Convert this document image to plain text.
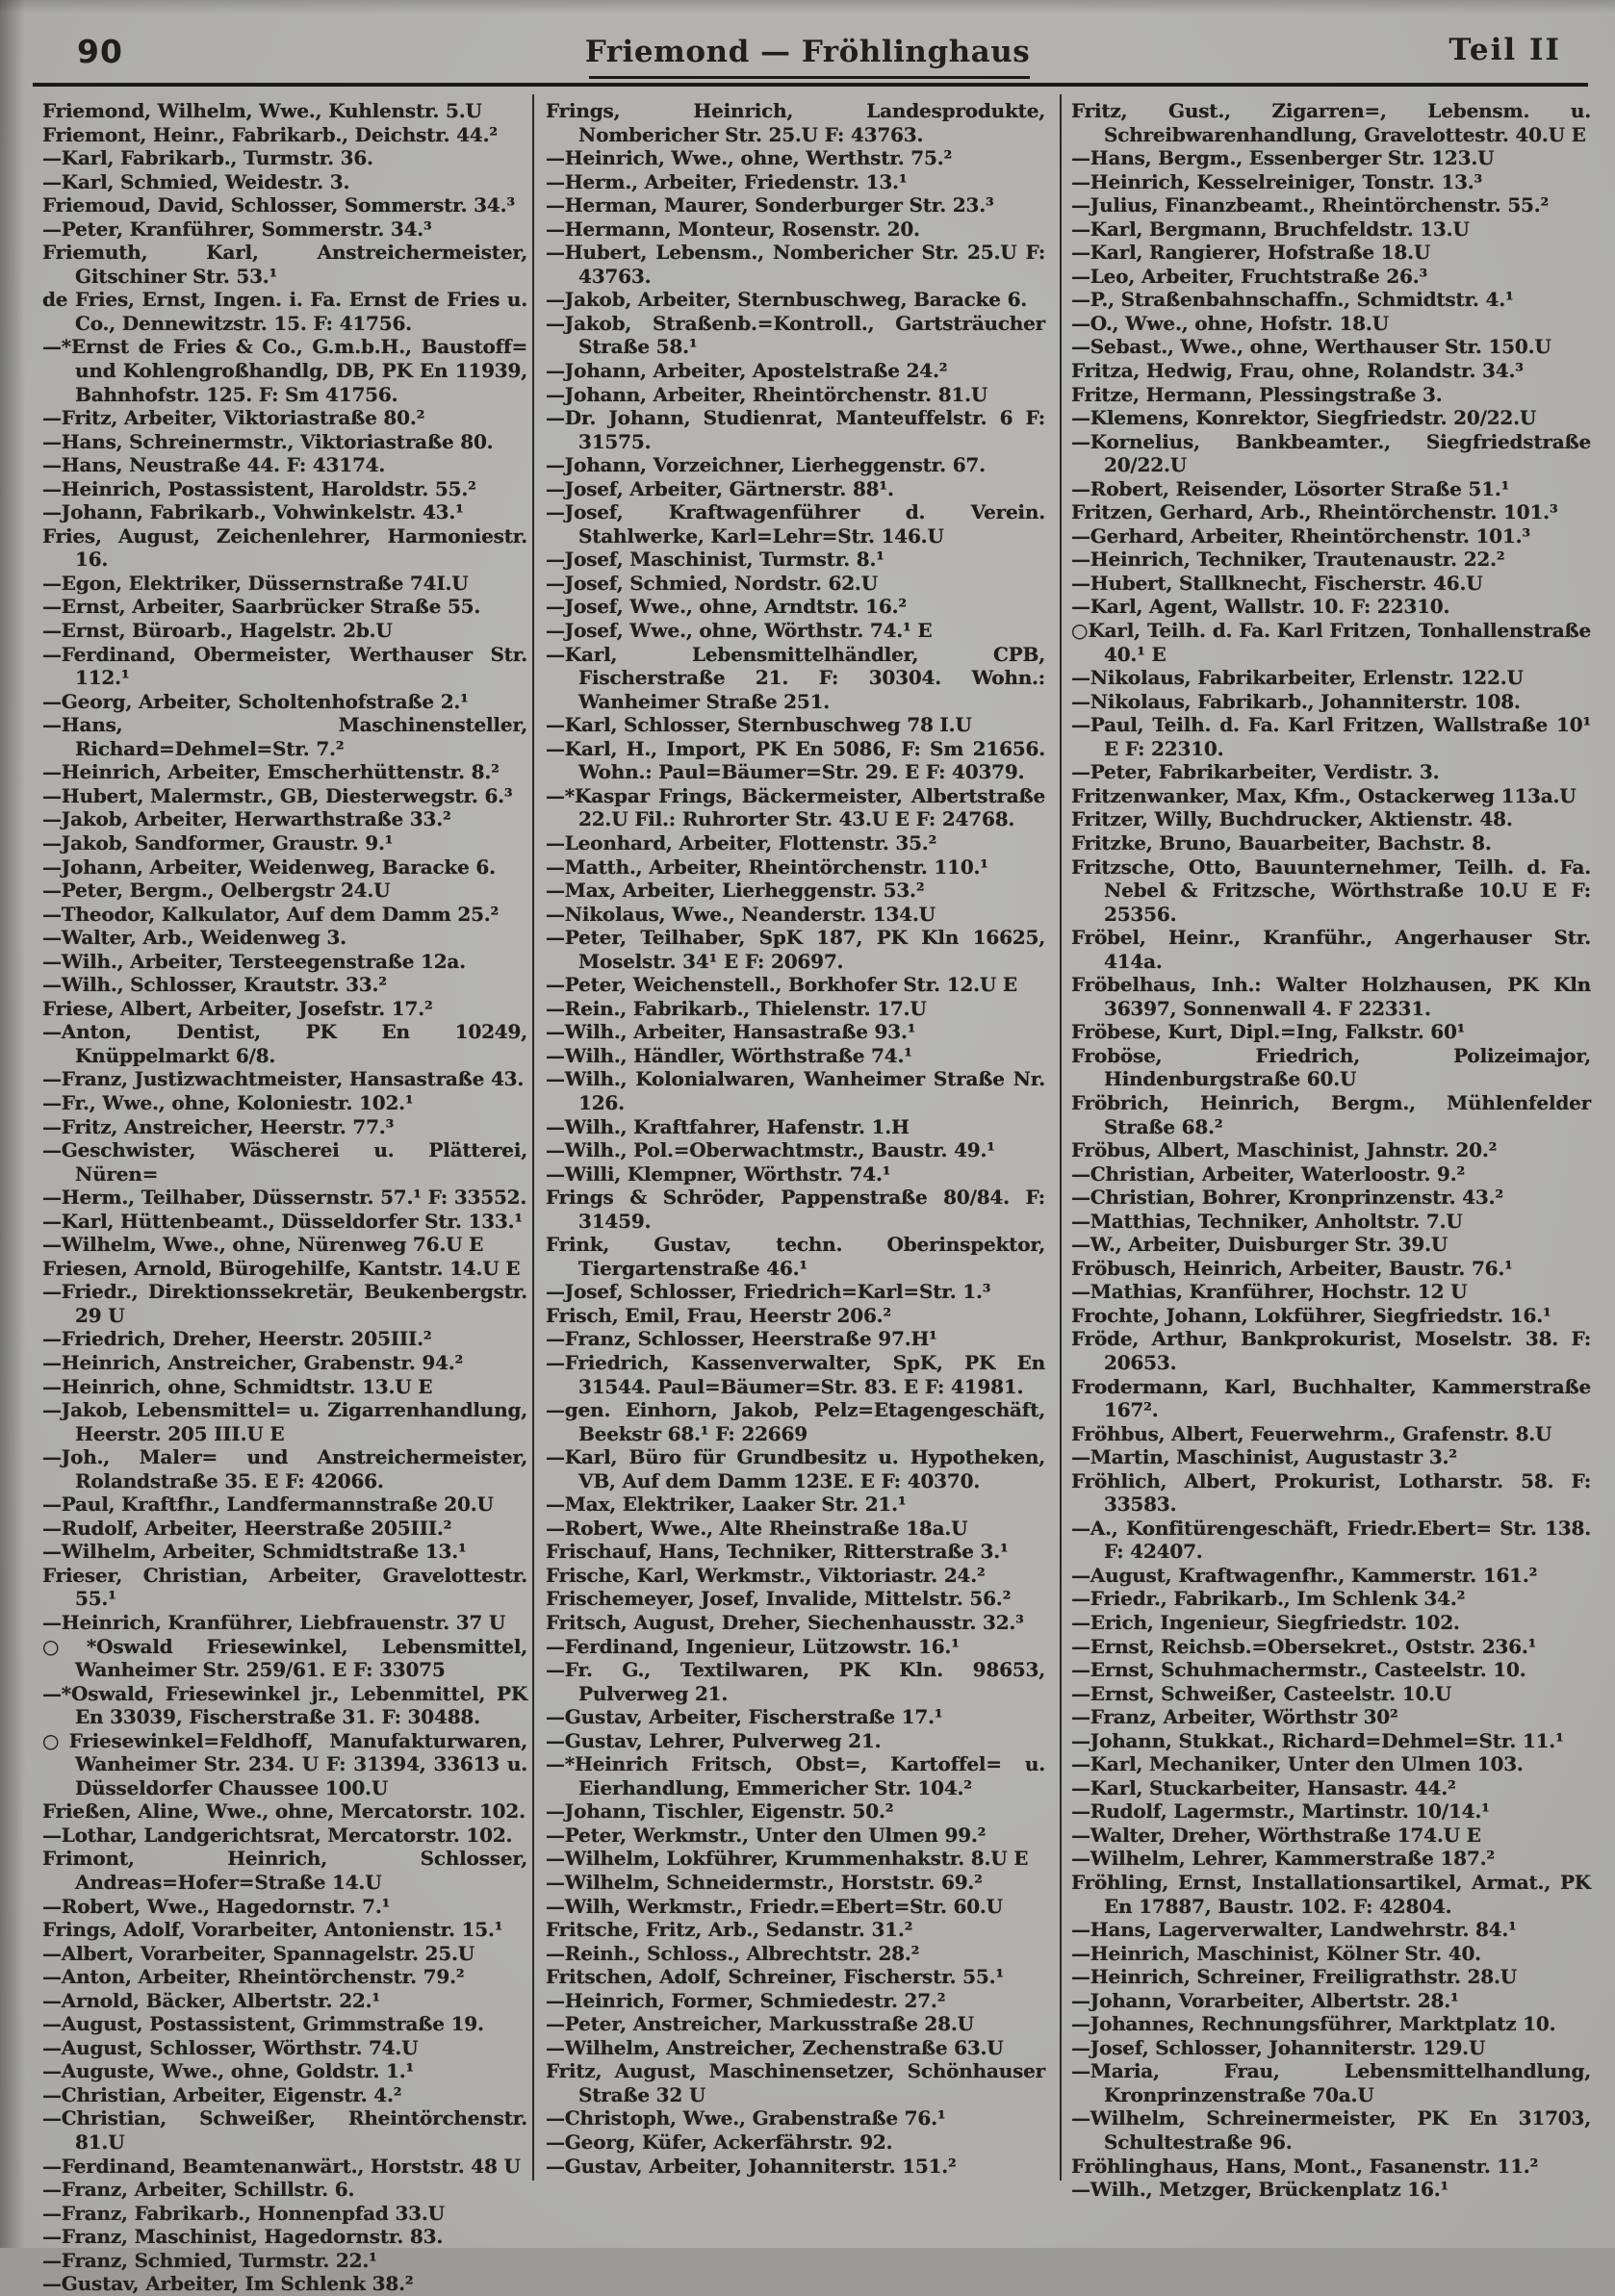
90	Friemond — Fröhlinghaus	Teil II
Friemond, Wilhelm, Wwe., Kuhlenstr. 5.U
Friemont, Heinr., Fabrikarb., Deichstr. 44.²
—Karl, Fabrikarb., Turmstr. 36.
—Karl, Schmied, Weidestr. 3.
Friemoud, David, Schlosser, Sommerstr. 34.³
—Peter, Kranführer, Sommerstr. 34.³
Friemuth, Karl, Anstreichermeister, Gitschiner Str. 53.¹
de Fries, Ernst, Ingen. i. Fa. Ernst de Fries u. Co., Dennewitzstr. 15. F: 41756.
—*Ernst de Fries & Co., G.m.b.H., Baustoff= und Kohlengroßhandlg, DB, PK En 11939, Bahnhofstr. 125. F: Sm 41756.
—Fritz, Arbeiter, Viktoriastraße 80.²
—Hans, Schreinermstr., Viktoriastraße 80.
—Hans, Neustraße 44. F: 43174.
—Heinrich, Postassistent, Haroldstr. 55.²
—Johann, Fabrikarb., Vohwinkelstr. 43.¹
Fries, August, Zeichenlehrer, Harmoniestr. 16.
—Egon, Elektriker, Düssernstraße 74I.U
—Ernst, Arbeiter, Saarbrücker Straße 55.
—Ernst, Büroarb., Hagelstr. 2b.U
—Ferdinand, Obermeister, Werthauser Str. 112.¹
—Georg, Arbeiter, Scholtenhofstraße 2.¹
—Hans, Maschinensteller, Richard=Dehmel=Str. 7.²
—Heinrich, Arbeiter, Emscherhüttenstr. 8.²
—Hubert, Malermstr., GB, Diesterwegstr. 6.³
—Jakob, Arbeiter, Herwarthstraße 33.²
—Jakob, Sandformer, Graustr. 9.¹
—Johann, Arbeiter, Weidenweg, Baracke 6.
—Peter, Bergm., Oelbergstr 24.U
—Theodor, Kalkulator, Auf dem Damm 25.²
—Walter, Arb., Weidenweg 3.
—Wilh., Arbeiter, Tersteegenstraße 12a.
—Wilh., Schlosser, Krautstr. 33.²
Friese, Albert, Arbeiter, Josefstr. 17.²
—Anton, Dentist, PK En 10249, Knüppelmarkt 6/8.
—Franz, Justizwachtmeister, Hansastraße 43.
—Fr., Wwe., ohne, Koloniestr. 102.¹
—Fritz, Anstreicher, Heerstr. 77.³
—Geschwister, Wäscherei u. Plätterei, Nüren=
—Herm., Teilhaber, Düssernstr. 57.¹ F: 33552.
—Karl, Hüttenbeamt., Düsseldorfer Str. 133.¹
—Wilhelm, Wwe., ohne, Nürenweg 76.U E
Friesen, Arnold, Bürogehilfe, Kantstr. 14.U E
—Friedr., Direktionssekretär, Beukenbergstr. 29 U
—Friedrich, Dreher, Heerstr. 205III.²
—Heinrich, Anstreicher, Grabenstr. 94.²
—Heinrich, ohne, Schmidtstr. 13.U E
—Jakob, Lebensmittel= u. Zigarrenhandlung, Heerstr. 205 III.U E
—Joh., Maler= und Anstreichermeister, Rolandstraße 35. E F: 42066.
—Paul, Kraftfhr., Landfermannstraße 20.U
—Rudolf, Arbeiter, Heerstraße 205III.²
—Wilhelm, Arbeiter, Schmidtstraße 13.¹
Frieser, Christian, Arbeiter, Gravelottestr. 55.¹
—Heinrich, Kranführer, Liebfrauenstr. 37 U
○*Oswald Friesewinkel, Lebensmittel, Wanheimer Str. 259/61. E F: 33075
—*Oswald, Friesewinkel jr., Lebenmittel, PK En 33039, Fischerstraße 31. F: 30488.
○Friesewinkel=Feldhoff, Manufakturwaren, Wanheimer Str. 234. U F: 31394, 33613 u. Düsseldorfer Chaussee 100.U
Frießen, Aline, Wwe., ohne, Mercatorstr. 102.
—Lothar, Landgerichtsrat, Mercatorstr. 102.
Frimont, Heinrich, Schlosser, Andreas=Hofer=Straße 14.U
—Robert, Wwe., Hagedornstr. 7.¹
Frings, Adolf, Vorarbeiter, Antonienstr. 15.¹
—Albert, Vorarbeiter, Spannagelstr. 25.U
—Anton, Arbeiter, Rheintörchenstr. 79.²
—Arnold, Bäcker, Albertstr. 22.¹
—August, Postassistent, Grimmstraße 19.
—August, Schlosser, Wörthstr. 74.U
—Auguste, Wwe., ohne, Goldstr. 1.¹
—Christian, Arbeiter, Eigenstr. 4.²
—Christian, Schweißer, Rheintörchenstr. 81.U
—Ferdinand, Beamtenanwärt., Horststr. 48 U
—Franz, Arbeiter, Schillstr. 6.
—Franz, Fabrikarb., Honnenpfad 33.U
—Franz, Maschinist, Hagedornstr. 83.
—Franz, Schmied, Turmstr. 22.¹
—Gustav, Arbeiter, Im Schlenk 38.²
Frings, Heinrich, Landesprodukte, Nombericher Str. 25.U F: 43763.
—Heinrich, Wwe., ohne, Werthstr. 75.²
—Herm., Arbeiter, Friedenstr. 13.¹
—Herman, Maurer, Sonderburger Str. 23.³
—Hermann, Monteur, Rosenstr. 20.
—Hubert, Lebensm., Nombericher Str. 25.U F: 43763.
—Jakob, Arbeiter, Sternbuschweg, Baracke 6.
—Jakob, Straßenb.=Kontroll., Gartsträucher Straße 58.¹
—Johann, Arbeiter, Apostelstraße 24.²
—Johann, Arbeiter, Rheintörchenstr. 81.U
—Dr. Johann, Studienrat, Manteuffelstr. 6 F: 31575.
—Johann, Vorzeichner, Lierheggenstr. 67.
—Josef, Arbeiter, Gärtnerstr. 88¹.
—Josef, Kraftwagenführer d. Verein. Stahlwerke, Karl=Lehr=Str. 146.U
—Josef, Maschinist, Turmstr. 8.¹
—Josef, Schmied, Nordstr. 62.U
—Josef, Wwe., ohne, Arndtstr. 16.²
—Josef, Wwe., ohne, Wörthstr. 74.¹ E
—Karl, Lebensmittelhändler, CPB, Fischerstraße 21. F: 30304. Wohn.: Wanheimer Straße 251.
—Karl, Schlosser, Sternbuschweg 78 I.U
—Karl, H., Import, PK En 5086, F: Sm 21656. Wohn.: Paul=Bäumer=Str. 29. E F: 40379.
—*Kaspar Frings, Bäckermeister, Albertstraße 22.U Fil.: Ruhrorter Str. 43.U E F: 24768.
—Leonhard, Arbeiter, Flottenstr. 35.²
—Matth., Arbeiter, Rheintörchenstr. 110.¹
—Max, Arbeiter, Lierheggenstr. 53.²
—Nikolaus, Wwe., Neanderstr. 134.U
—Peter, Teilhaber, SpK 187, PK Kln 16625, Moselstr. 34¹ E F: 20697.
—Peter, Weichenstell., Borkhofer Str. 12.U E
—Rein., Fabrikarb., Thielenstr. 17.U
—Wilh., Arbeiter, Hansastraße 93.¹
—Wilh., Händler, Wörthstraße 74.¹
—Wilh., Kolonialwaren, Wanheimer Straße Nr. 126.
—Wilh., Kraftfahrer, Hafenstr. 1.H
—Wilh., Pol.=Oberwachtmstr., Baustr. 49.¹
—Willi, Klempner, Wörthstr. 74.¹
Frings & Schröder, Pappenstraße 80/84. F: 31459.
Frink, Gustav, techn. Oberinspektor, Tiergartenstraße 46.¹
—Josef, Schlosser, Friedrich=Karl=Str. 1.³
Frisch, Emil, Frau, Heerstr 206.²
—Franz, Schlosser, Heerstraße 97.H¹
—Friedrich, Kassenverwalter, SpK, PK En 31544. Paul=Bäumer=Str. 83. E F: 41981.
—gen. Einhorn, Jakob, Pelz=Etagengeschäft, Beekstr 68.¹ F: 22669
—Karl, Büro für Grundbesitz u. Hypotheken, VB, Auf dem Damm 123E. E F: 40370.
—Max, Elektriker, Laaker Str. 21.¹
—Robert, Wwe., Alte Rheinstraße 18a.U
Frischauf, Hans, Techniker, Ritterstraße 3.¹
Frische, Karl, Werkmstr., Viktoriastr. 24.²
Frischemeyer, Josef, Invalide, Mittelstr. 56.²
Fritsch, August, Dreher, Siechenhausstr. 32.³
—Ferdinand, Ingenieur, Lützowstr. 16.¹
—Fr. G., Textilwaren, PK Kln. 98653, Pulverweg 21.
—Gustav, Arbeiter, Fischerstraße 17.¹
—Gustav, Lehrer, Pulverweg 21.
—*Heinrich Fritsch, Obst=, Kartoffel= u. Eierhandlung, Emmericher Str. 104.²
—Johann, Tischler, Eigenstr. 50.²
—Peter, Werkmstr., Unter den Ulmen 99.²
—Wilhelm, Lokführer, Krummenhakstr. 8.U E
—Wilhelm, Schneidermstr., Horststr. 69.²
—Wilh, Werkmstr., Friedr.=Ebert=Str. 60.U
Fritsche, Fritz, Arb., Sedanstr. 31.²
—Reinh., Schloss., Albrechtstr. 28.²
Fritschen, Adolf, Schreiner, Fischerstr. 55.¹
—Heinrich, Former, Schmiedestr. 27.²
—Peter, Anstreicher, Markusstraße 28.U
—Wilhelm, Anstreicher, Zechenstraße 63.U
Fritz, August, Maschinensetzer, Schönhauser Straße 32 U
—Christoph, Wwe., Grabenstraße 76.¹
—Georg, Küfer, Ackerfährstr. 92.
—Gustav, Arbeiter, Johanniterstr. 151.²
Fritz, Gust., Zigarren=, Lebensm. u. Schreibwarenhandlung, Gravelottestr. 40.U E
—Hans, Bergm., Essenberger Str. 123.U
—Heinrich, Kesselreiniger, Tonstr. 13.³
—Julius, Finanzbeamt., Rheintörchenstr. 55.²
—Karl, Bergmann, Bruchfeldstr. 13.U
—Karl, Rangierer, Hofstraße 18.U
—Leo, Arbeiter, Fruchtstraße 26.³
—P., Straßenbahnschaffn., Schmidtstr. 4.¹
—O., Wwe., ohne, Hofstr. 18.U
—Sebast., Wwe., ohne, Werthauser Str. 150.U
Fritza, Hedwig, Frau, ohne, Rolandstr. 34.³
Fritze, Hermann, Plessingstraße 3.
—Klemens, Konrektor, Siegfriedstr. 20/22.U
—Kornelius, Bankbeamter., Siegfriedstraße 20/22.U
—Robert, Reisender, Lösorter Straße 51.¹
Fritzen, Gerhard, Arb., Rheintörchenstr. 101.³
—Gerhard, Arbeiter, Rheintörchenstr. 101.³
—Heinrich, Techniker, Trautenaustr. 22.²
—Hubert, Stallknecht, Fischerstr. 46.U
—Karl, Agent, Wallstr. 10. F: 22310.
○Karl, Teilh. d. Fa. Karl Fritzen, Tonhallenstraße 40.¹ E
—Nikolaus, Fabrikarbeiter, Erlenstr. 122.U
—Nikolaus, Fabrikarb., Johanniterstr. 108.
—Paul, Teilh. d. Fa. Karl Fritzen, Wallstraße 10¹ E F: 22310.
—Peter, Fabrikarbeiter, Verdistr. 3.
Fritzenwanker, Max, Kfm., Ostackerweg 113a.U
Fritzer, Willy, Buchdrucker, Aktienstr. 48.
Fritzke, Bruno, Bauarbeiter, Bachstr. 8.
Fritzsche, Otto, Bauunternehmer, Teilh. d. Fa. Nebel & Fritzsche, Wörthstraße 10.U E F: 25356.
Fröbel, Heinr., Kranführ., Angerhauser Str. 414a.
Fröbelhaus, Inh.: Walter Holzhausen, PK Kln 36397, Sonnenwall 4. F 22331.
Fröbese, Kurt, Dipl.=Ing, Falkstr. 60¹
Froböse, Friedrich, Polizeimajor, Hindenburgstraße 60.U
Fröbrich, Heinrich, Bergm., Mühlenfelder Straße 68.²
Fröbus, Albert, Maschinist, Jahnstr. 20.²
—Christian, Arbeiter, Waterloostr. 9.²
—Christian, Bohrer, Kronprinzenstr. 43.²
—Matthias, Techniker, Anholtstr. 7.U
—W., Arbeiter, Duisburger Str. 39.U
Fröbusch, Heinrich, Arbeiter, Baustr. 76.¹
—Mathias, Kranführer, Hochstr. 12 U
Frochte, Johann, Lokführer, Siegfriedstr. 16.¹
Fröde, Arthur, Bankprokurist, Moselstr. 38. F: 20653.
Frodermann, Karl, Buchhalter, Kammerstraße 167².
Fröhbus, Albert, Feuerwehrm., Grafenstr. 8.U
—Martin, Maschinist, Augustastr 3.²
Fröhlich, Albert, Prokurist, Lotharstr. 58. F: 33583.
—A., Konfitürengeschäft, Friedr.Ebert= Str. 138. F: 42407.
—August, Kraftwagenfhr., Kammerstr. 161.²
—Friedr., Fabrikarb., Im Schlenk 34.²
—Erich, Ingenieur, Siegfriedstr. 102.
—Ernst, Reichsb.=Obersekret., Oststr. 236.¹
—Ernst, Schuhmachermstr., Casteelstr. 10.
—Ernst, Schweißer, Casteelstr. 10.U
—Franz, Arbeiter, Wörthstr 30²
—Johann, Stukkat., Richard=Dehmel=Str. 11.¹
—Karl, Mechaniker, Unter den Ulmen 103.
—Karl, Stuckarbeiter, Hansastr. 44.²
—Rudolf, Lagermstr., Martinstr. 10/14.¹
—Walter, Dreher, Wörthstraße 174.U E
—Wilhelm, Lehrer, Kammerstraße 187.²
Fröhling, Ernst, Installationsartikel, Armat., PK En 17887, Baustr. 102. F: 42804.
—Hans, Lagerverwalter, Landwehrstr. 84.¹
—Heinrich, Maschinist, Kölner Str. 40.
—Heinrich, Schreiner, Freiligrathstr. 28.U
—Johann, Vorarbeiter, Albertstr. 28.¹
—Johannes, Rechnungsführer, Marktplatz 10.
—Josef, Schlosser, Johanniterstr. 129.U
—Maria, Frau, Lebensmittelhandlung, Kronprinzenstraße 70a.U
—Wilhelm, Schreinermeister, PK En 31703, Schultestraße 96.
Fröhlinghaus, Hans, Mont., Fasanenstr. 11.²
—Wilh., Metzger, Brückenplatz 16.¹
